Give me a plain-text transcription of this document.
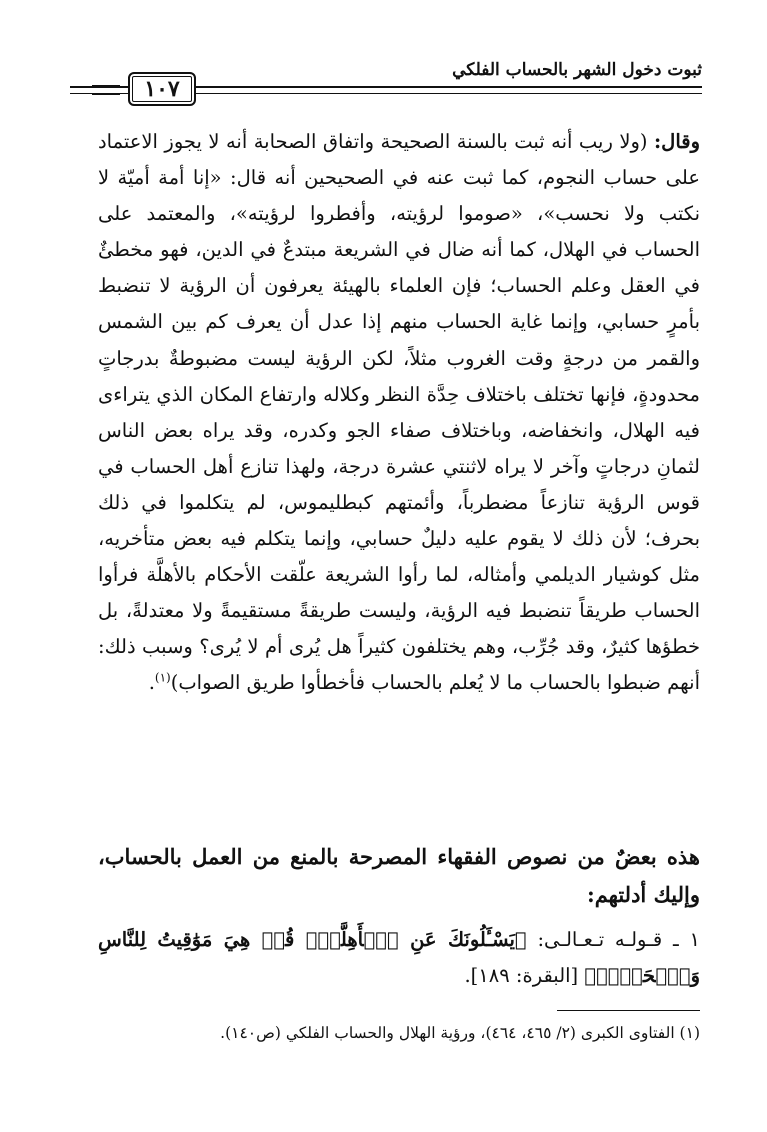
١٠٧
ثبوت دخول الشهر بالحساب الفلكي

وقال: (ولا ريب أنه ثبت بالسنة الصحيحة واتفاق الصحابة أنه لا يجوز الاعتماد على حساب النجوم، كما ثبت عنه في الصحيحين أنه قال: «إنا أمة أميّة لا نكتب ولا نحسب»، «صوموا لرؤيته، وأفطروا لرؤيته»، والمعتمد على الحساب في الهلال، كما أنه ضال في الشريعة مبتدعٌ في الدين، فهو مخطئٌ في العقل وعلم الحساب؛ فإن العلماء بالهيئة يعرفون أن الرؤية لا تنضبط بأمرٍ حسابي، وإنما غاية الحساب منهم إذا عدل أن يعرف كم بين الشمس والقمر من درجةٍ وقت الغروب مثلاً، لكن الرؤية ليست مضبوطةٌ بدرجاتٍ محدودةٍ، فإنها تختلف باختلاف حِدَّة النظر وكلاله وارتفاع المكان الذي يتراءى فيه الهلال، وانخفاضه، وباختلاف صفاء الجو وكدره، وقد يراه بعض الناس لثمانِ درجاتٍ وآخر لا يراه لاثنتي عشرة درجة، ولهذا تنازع أهل الحساب في قوس الرؤية تنازعاً مضطرباً، وأئمتهم كبطليموس، لم يتكلموا في ذلك بحرف؛ لأن ذلك لا يقوم عليه دليلٌ حسابي، وإنما يتكلم فيه بعض متأخريه، مثل كوشيار الديلمي وأمثاله، لما رأوا الشريعة علّقت الأحكام بالأهلَّة فرأوا الحساب طريقاً تنضبط فيه الرؤية، وليست طريقةً مستقيمةً ولا معتدلةً، بل خطؤها كثيرٌ، وقد جُرِّب، وهم يختلفون كثيراً هل يُرى أم لا يُرى؟ وسبب ذلك: أنهم ضبطوا بالحساب ما لا يُعلم بالحساب فأخطأوا طريق الصواب)$^{(١)}$.

هذه بعضٌ من نصوص الفقهاء المصرحة بالمنع من العمل بالحساب، وإليك أدلتهم:
١ ـ قـولـه تـعـالـى: ﴿يَسْـَٔلُونَكَ عَنِ ٱلۡأَهِلَّةِۖ قُلۡ هِيَ مَوَٰقِيتُ لِلنَّاسِ وَٱلۡحَجِّۗ﴾ [البقرة: ١٨٩].
(١) الفتاوى الكبرى (٢/ ٤٦٥، ٤٦٤)، ورؤية الهلال والحساب الفلكي (ص١٤٠).
